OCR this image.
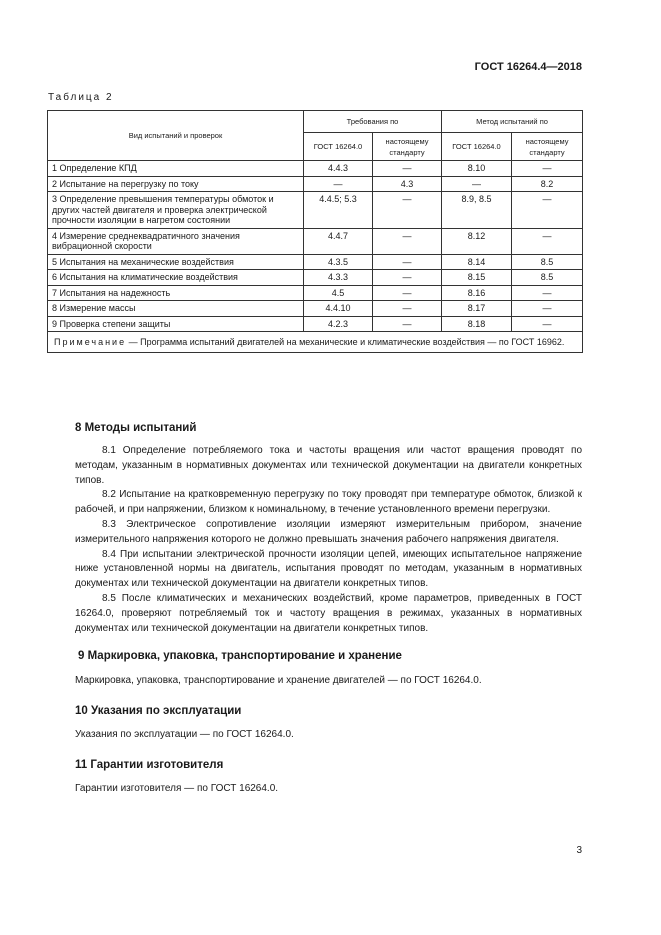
ГОСТ 16264.4—2018
Таблица 2
Вид испытаний и проверок	Требования по		Метод испытаний по	
	ГОСТ 16264.0	настоящему стандарту	ГОСТ 16264.0	настоящему стандарту
1 Определение КПД	4.4.3	—	8.10	—
2 Испытание на перегрузку по току	—	4.3	—	8.2
3 Определение превышения температуры обмоток и других частей двигателя и проверка электрической прочности изоляции в нагретом состоянии	4.4.5; 5.3	—	8.9, 8.5	—
4 Измерение среднеквадратичного значения вибрационной скорости	4.4.7	—	8.12	—
5 Испытания на механические воздействия	4.3.5	—	8.14	8.5
6 Испытания на климатические воздействия	4.3.3	—	8.15	8.5
7 Испытания на надежность	4.5	—	8.16	—
8 Измерение массы	4.4.10	—	8.17	—
9 Проверка степени защиты	4.2.3	—	8.18	—
Примечание — Программа испытаний двигателей на механические и климатические воздействия — по ГОСТ 16962.				
8 Методы испытаний

8.1 Определение потребляемого тока и частоты вращения или частот вращения проводят по методам, указанным в нормативных документах или технической документации на двигатели конкретных типов.

8.2 Испытание на кратковременную перегрузку по току проводят при температуре обмоток, близкой к рабочей, и при напряжении, близком к номинальному, в течение установленного времени перегрузки.

8.3 Электрическое сопротивление изоляции измеряют измерительным прибором, значение измерительного напряжения которого не должно превышать значения рабочего напряжения двигателя.

8.4 При испытании электрической прочности изоляции цепей, имеющих испытательное напряжение ниже установленной нормы на двигатель, испытания проводят по методам, указанным в нормативных документах или технической документации на двигатели конкретных типов.

8.5 После климатических и механических воздействий, кроме параметров, приведенных в ГОСТ 16264.0, проверяют потребляемый ток и частоту вращения в режимах, указанных в нормативных документах или технической документации на двигатели конкретных типов.

9 Маркировка, упаковка, транспортирование и хранение
Маркировка, упаковка, транспортирование и хранение двигателей — по ГОСТ 16264.0.
10 Указания по эксплуатации
Указания по эксплуатации — по ГОСТ 16264.0.
11 Гарантии изготовителя
Гарантии изготовителя — по ГОСТ 16264.0.
3
